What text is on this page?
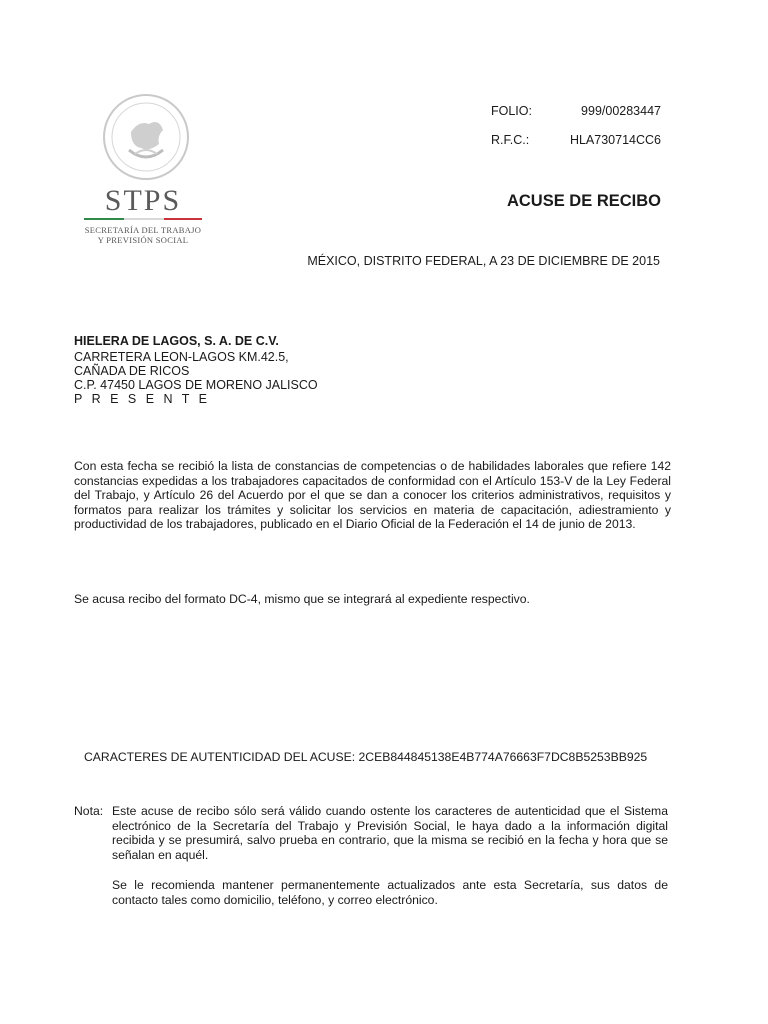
STPS
SECRETARÍA DEL TRABAJO
Y PREVISIÓN SOCIAL
FOLIO:	999/00283447
R.F.C.:	HLA730714CC6
ACUSE DE RECIBO
MÉXICO, DISTRITO FEDERAL, A 23 DE DICIEMBRE DE 2015
HIELERA DE LAGOS, S. A. DE C.V.
CARRETERA LEON-LAGOS KM.42.5,
CAÑADA DE RICOS
C.P. 47450 LAGOS DE MORENO JALISCO
P R E S E N T E
Con esta fecha se recibió la lista de constancias de competencias o de habilidades laborales que refiere 142 constancias expedidas a los trabajadores capacitados de conformidad con el Artículo 153-V de la Ley Federal del Trabajo, y Artículo 26 del Acuerdo por el que se dan a conocer los criterios administrativos, requisitos y formatos para realizar los trámites y solicitar los servicios en materia de capacitación, adiestramiento y productividad de los trabajadores, publicado en el Diario Oficial de la Federación el 14 de junio de 2013.
Se acusa recibo del formato DC-4, mismo que se integrará al expediente respectivo.
CARACTERES DE AUTENTICIDAD DEL ACUSE: 2CEB844845138E4B774A76663F7DC8B5253BB925
Nota: Este acuse de recibo sólo será válido cuando ostente los caracteres de autenticidad que el Sistema electrónico de la Secretaría del Trabajo y Previsión Social, le haya dado a la información digital recibida y se presumirá, salvo prueba en contrario, que la misma se recibió en la fecha y hora que se señalan en aquél.
Se le recomienda mantener permanentemente actualizados ante esta Secretaría, sus datos de contacto tales como domicilio, teléfono, y correo electrónico.
